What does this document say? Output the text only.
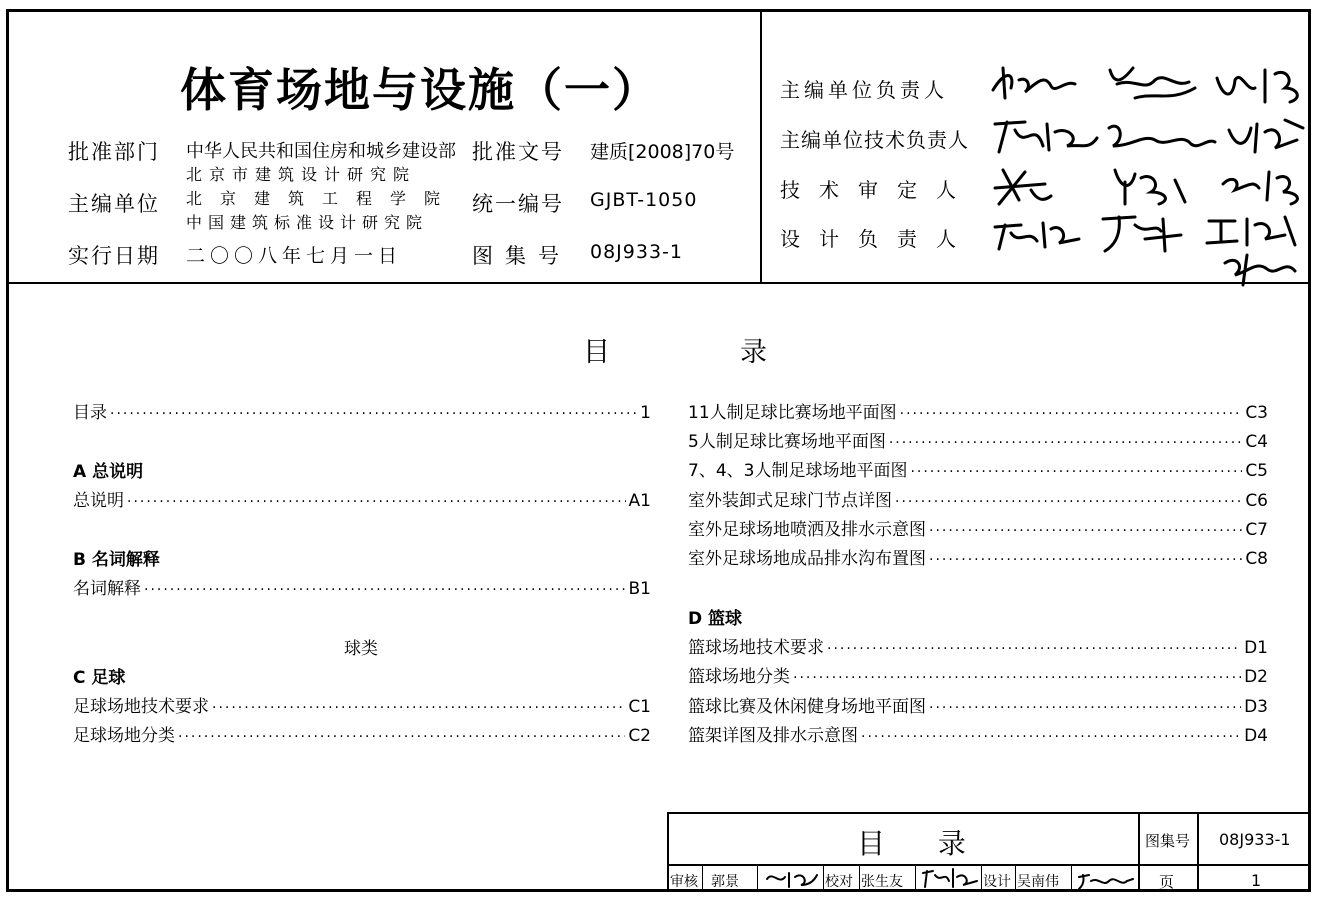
体育场地与设施（一）
批准部门 中华人民共和国住房和城乡建设部 批准文号 建质[2008]70号
主编单位
北京市建筑设计研究院
北京建筑工程学院
中国建筑标准设计研究院
统一编号 GJBT-1050
实行日期 二〇〇八年七月一日	图集号 08J933-1
主编单位负责人
主编单位技术负责人
技术审定人
设计负责人
目	录
目录 ·····	1
A 总说明
总说明 ·····	A1
B 名词解释
名词解释 ·····	B1
球类
C 足球
足球场地技术要求 ·····	C1
足球场地分类 ·····	C2
11人制足球比赛场地平面图 ·····	C3
5人制足球比赛场地平面图 ·····	C4
7、4、3人制足球场地平面图 ·····	C5
室外装卸式足球门节点详图 ·····	C6
室外足球场地喷洒及排水示意图 ·····	C7
室外足球场地成品排水沟布置图 ·····	C8
D 篮球
篮球场地技术要求 ·····	D1
篮球场地分类 ·····	D2
篮球比赛及休闲健身场地平面图 ·····	D3
篮架详图及排水示意图 ·····	D4
目 录	图集号 08J933-1
页	1
审核 郭景	校对 张生友	设计 吴南伟
